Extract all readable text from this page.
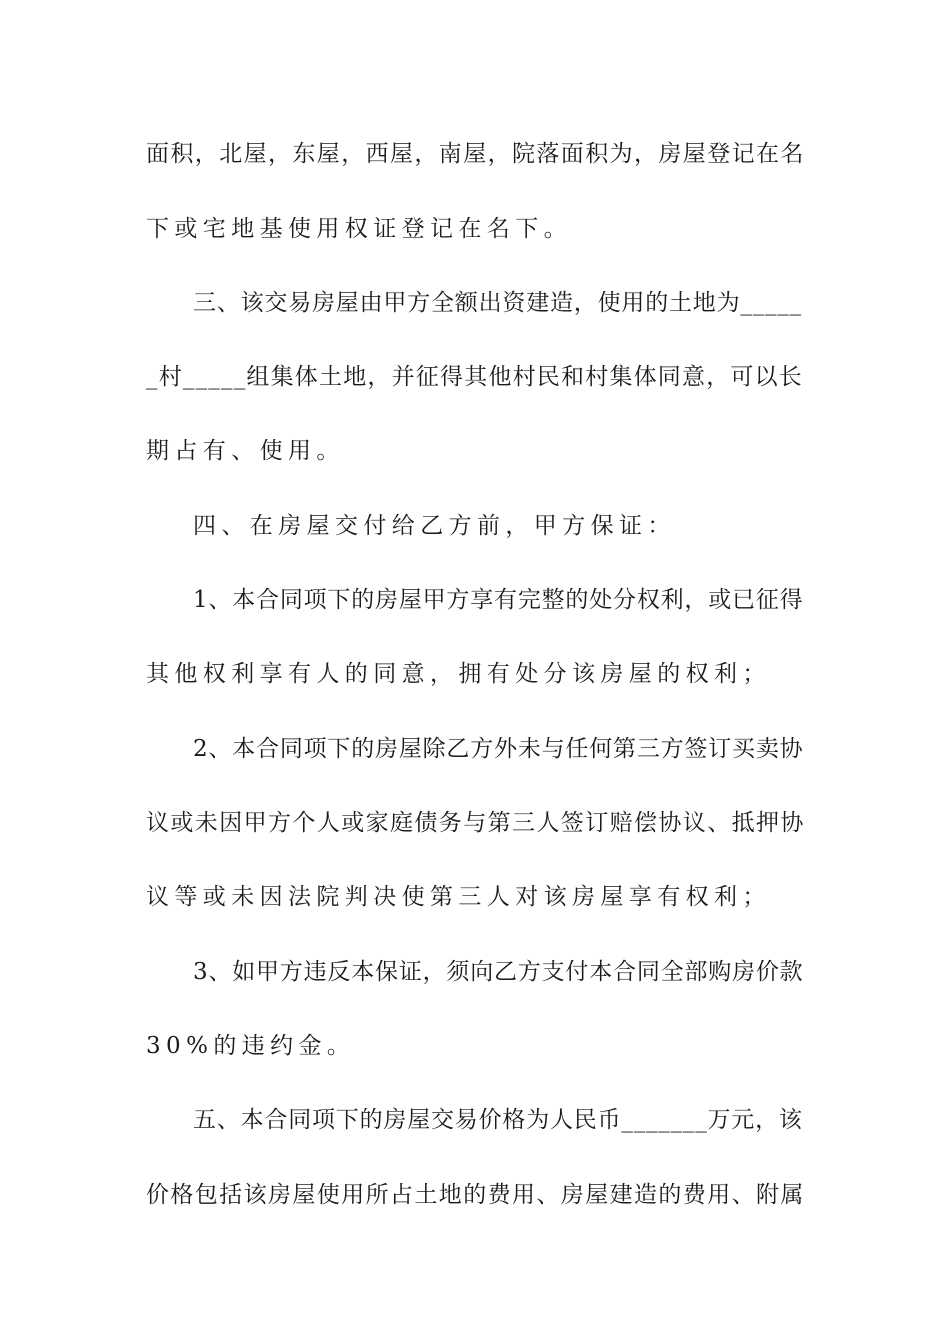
面积，北屋，东屋，西屋，南屋，院落面积为，房屋登记在名
下或宅地基使用权证登记在名下。
三、该交易房屋由甲方全额出资建造，使用的土地为_____
_村_____组集体土地，并征得其他村民和村集体同意，可以长
期占有、使用。
四、在房屋交付给乙方前，甲方保证：
1、本合同项下的房屋甲方享有完整的处分权利，或已征得
其他权利享有人的同意，拥有处分该房屋的权利；
2、本合同项下的房屋除乙方外未与任何第三方签订买卖协
议或未因甲方个人或家庭债务与第三人签订赔偿协议、抵押协
议等或未因法院判决使第三人对该房屋享有权利；
3、如甲方违反本保证，须向乙方支付本合同全部购房价款
30%的违约金。
五、本合同项下的房屋交易价格为人民币_______万元，该
价格包括该房屋使用所占土地的费用、房屋建造的费用、附属
